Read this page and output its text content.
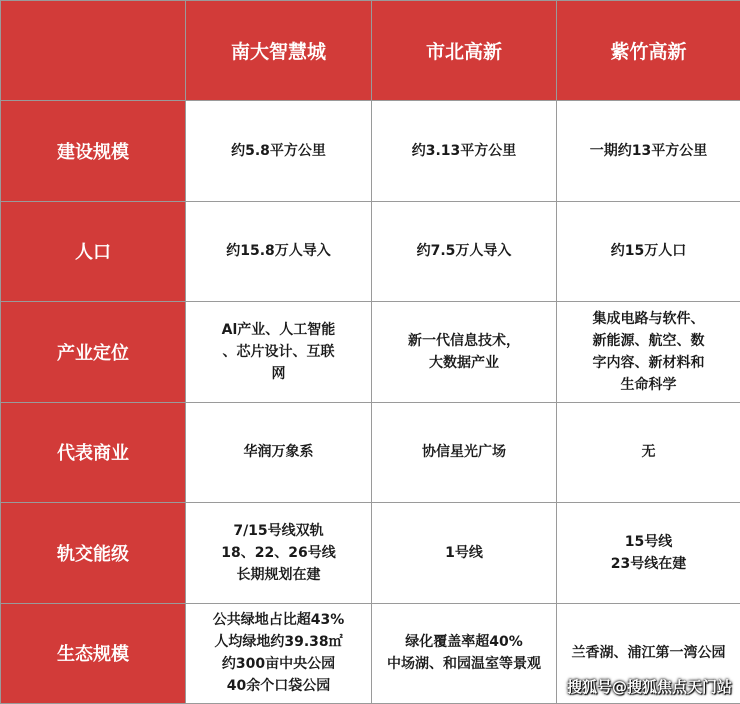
	南大智慧城	市北高新	紫竹高新
建设规模	约5.8平方公里	约3.13平方公里	一期约13平方公里

人口	约15.8万人导入	约7.5万人导入	约15万人口

产业定位	Al产业、人工智能
、芯片设计、互联
网	新一代信息技术，
大数据产业	集成电路与软件、
新能源、航空、数
字内容、新材料和
生命科学

代表商业	华润万象系	协信星光广场	无

轨交能级	7/15号线双轨
18、22、26号线
长期规划在建	1号线	15号线
23号线在建

生态规模	公共绿地占比超43%
人均绿地约39.38㎡
约300亩中央公园
40余个口袋公园	绿化覆盖率超40%
中场湖、和园温室等景观	兰香湖、浦江第一湾公园
搜狐号@搜狐焦点天门站
